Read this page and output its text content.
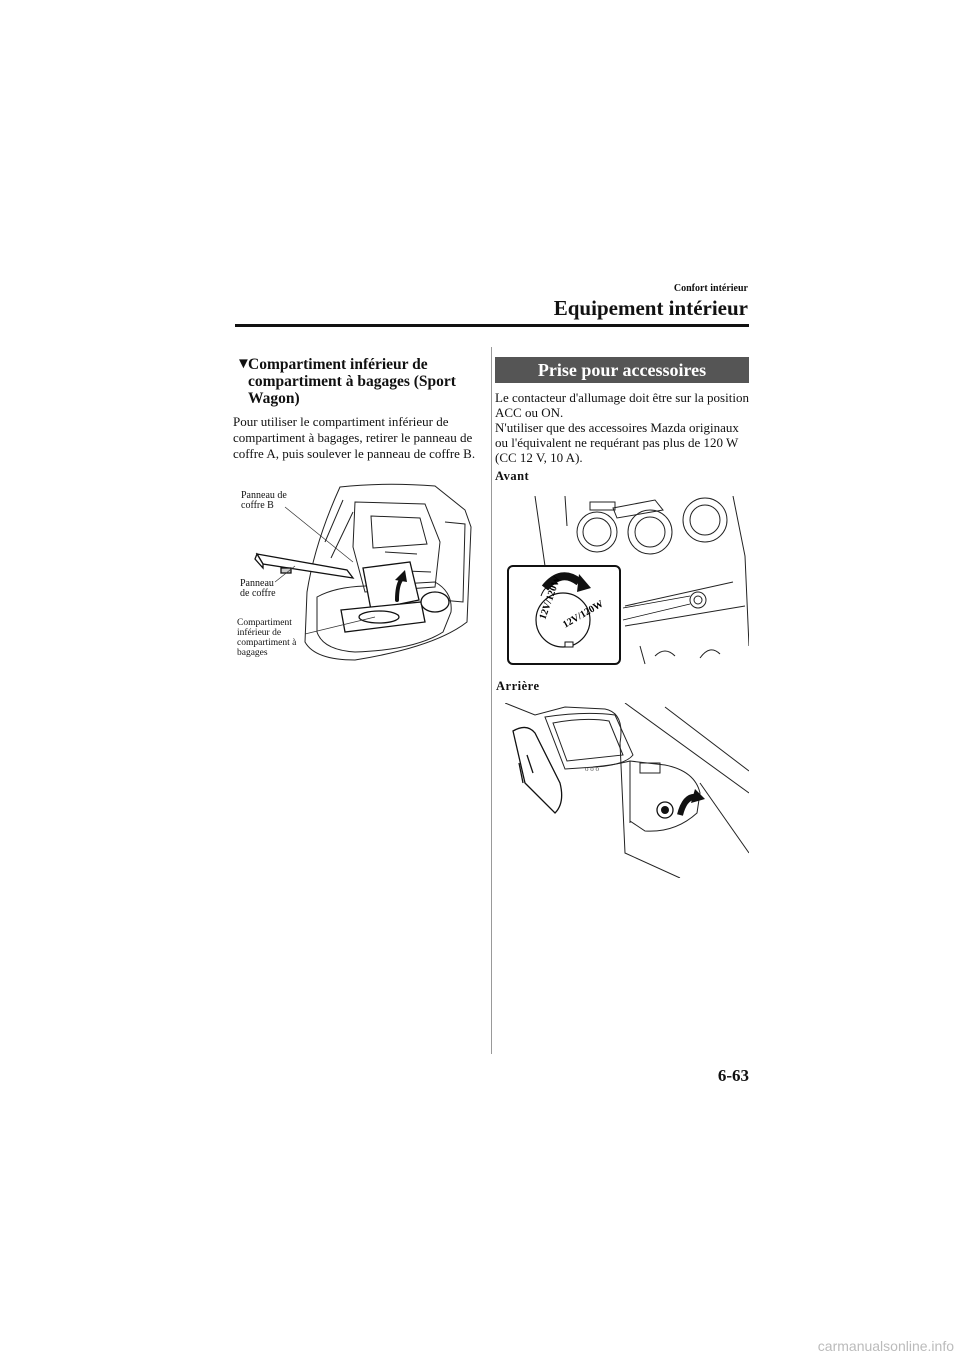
Confort intérieur
Equipement intérieur
▼
Compartiment inférieur de compartiment à bagages (Sport Wagon)
Pour utiliser le compartiment inférieur de compartiment à bagages, retirer le panneau de coffre A, puis soulever le panneau de coffre B.
Panneau de
coffre B
Panneau
de coffre
Compartiment
inférieur de
compartiment à
bagages
Prise pour accessoires
Le contacteur d'allumage doit être sur la position ACC ou ON.
N'utiliser que des accessoires Mazda originaux ou l'équivalent ne requérant pas plus de 120 W (CC 12 V, 10 A).
Avant
12V/120W
12V/120W
Arrière
o o o
6-63
carmanualsonline.info
